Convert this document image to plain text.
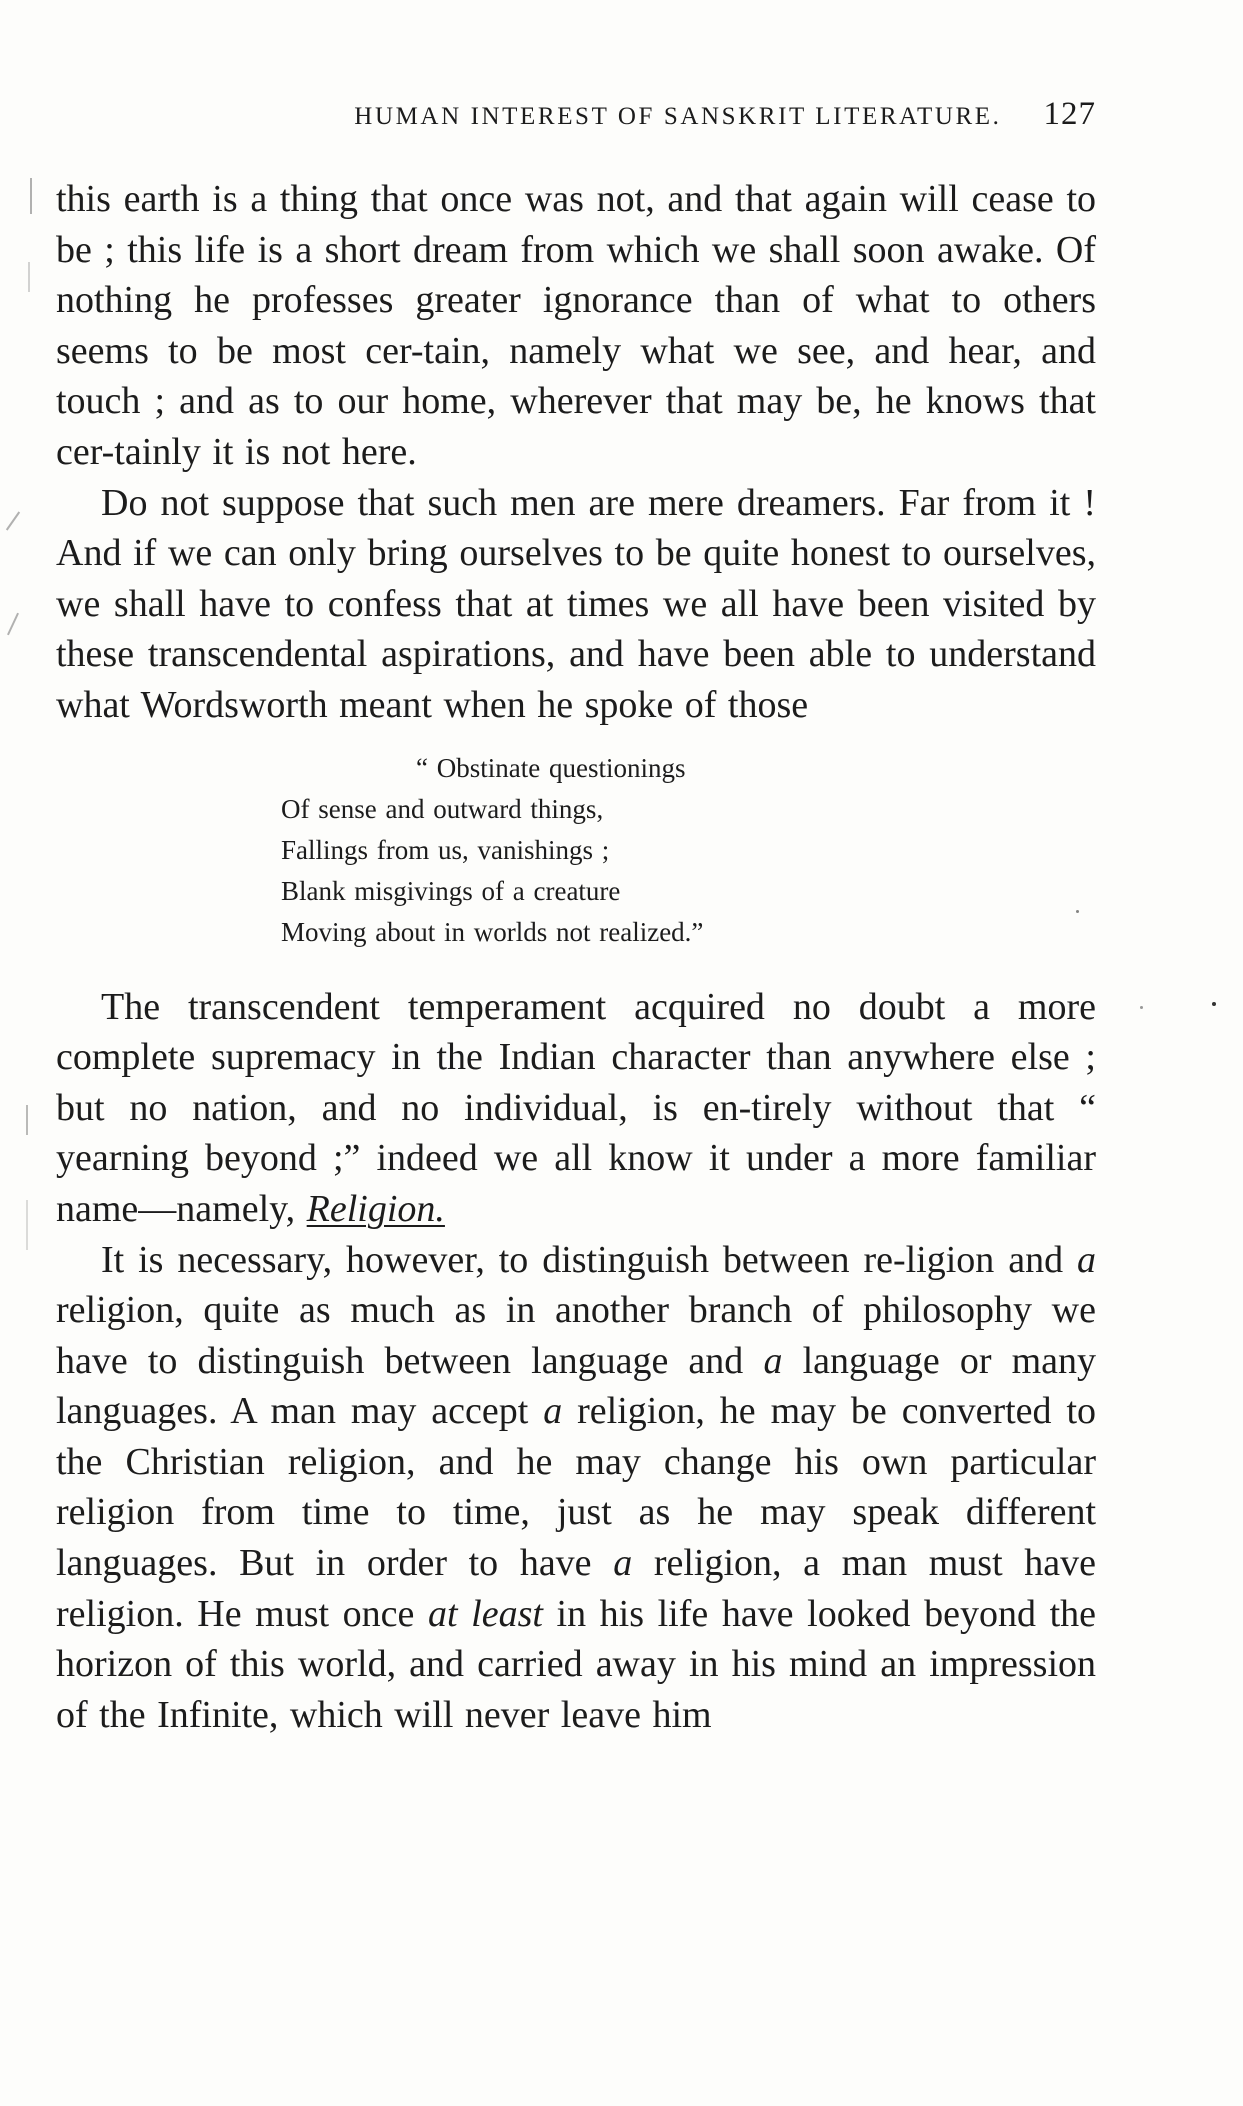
HUMAN INTEREST OF SANSKRIT LITERATURE. 127

this earth is a thing that once was not, and that again will cease to be ; this life is a short dream from which we shall soon awake. Of nothing he professes greater ignorance than of what to others seems to be most cer-tain, namely what we see, and hear, and touch ; and as to our home, wherever that may be, he knows that cer-tainly it is not here.

Do not suppose that such men are mere dreamers. Far from it ! And if we can only bring ourselves to be quite honest to ourselves, we shall have to confess that at times we all have been visited by these transcendental aspirations, and have been able to understand what Wordsworth meant when he spoke of those

“ Obstinate questionings
Of sense and outward things,
Fallings from us, vanishings ;
Blank misgivings of a creature
Moving about in worlds not realized.”

The transcendent temperament acquired no doubt a more complete supremacy in the Indian character than anywhere else ; but no nation, and no individual, is en-tirely without that “ yearning beyond ;” indeed we all know it under a more familiar name—namely, Religion.

It is necessary, however, to distinguish between re-ligion and a religion, quite as much as in another branch of philosophy we have to distinguish between language and a language or many languages. A man may accept a religion, he may be converted to the Christian religion, and he may change his own particular religion from time to time, just as he may speak different languages. But in order to have a religion, a man must have religion. He must once at least in his life have looked beyond the horizon of this world, and carried away in his mind an impression of the Infinite, which will never leave him
